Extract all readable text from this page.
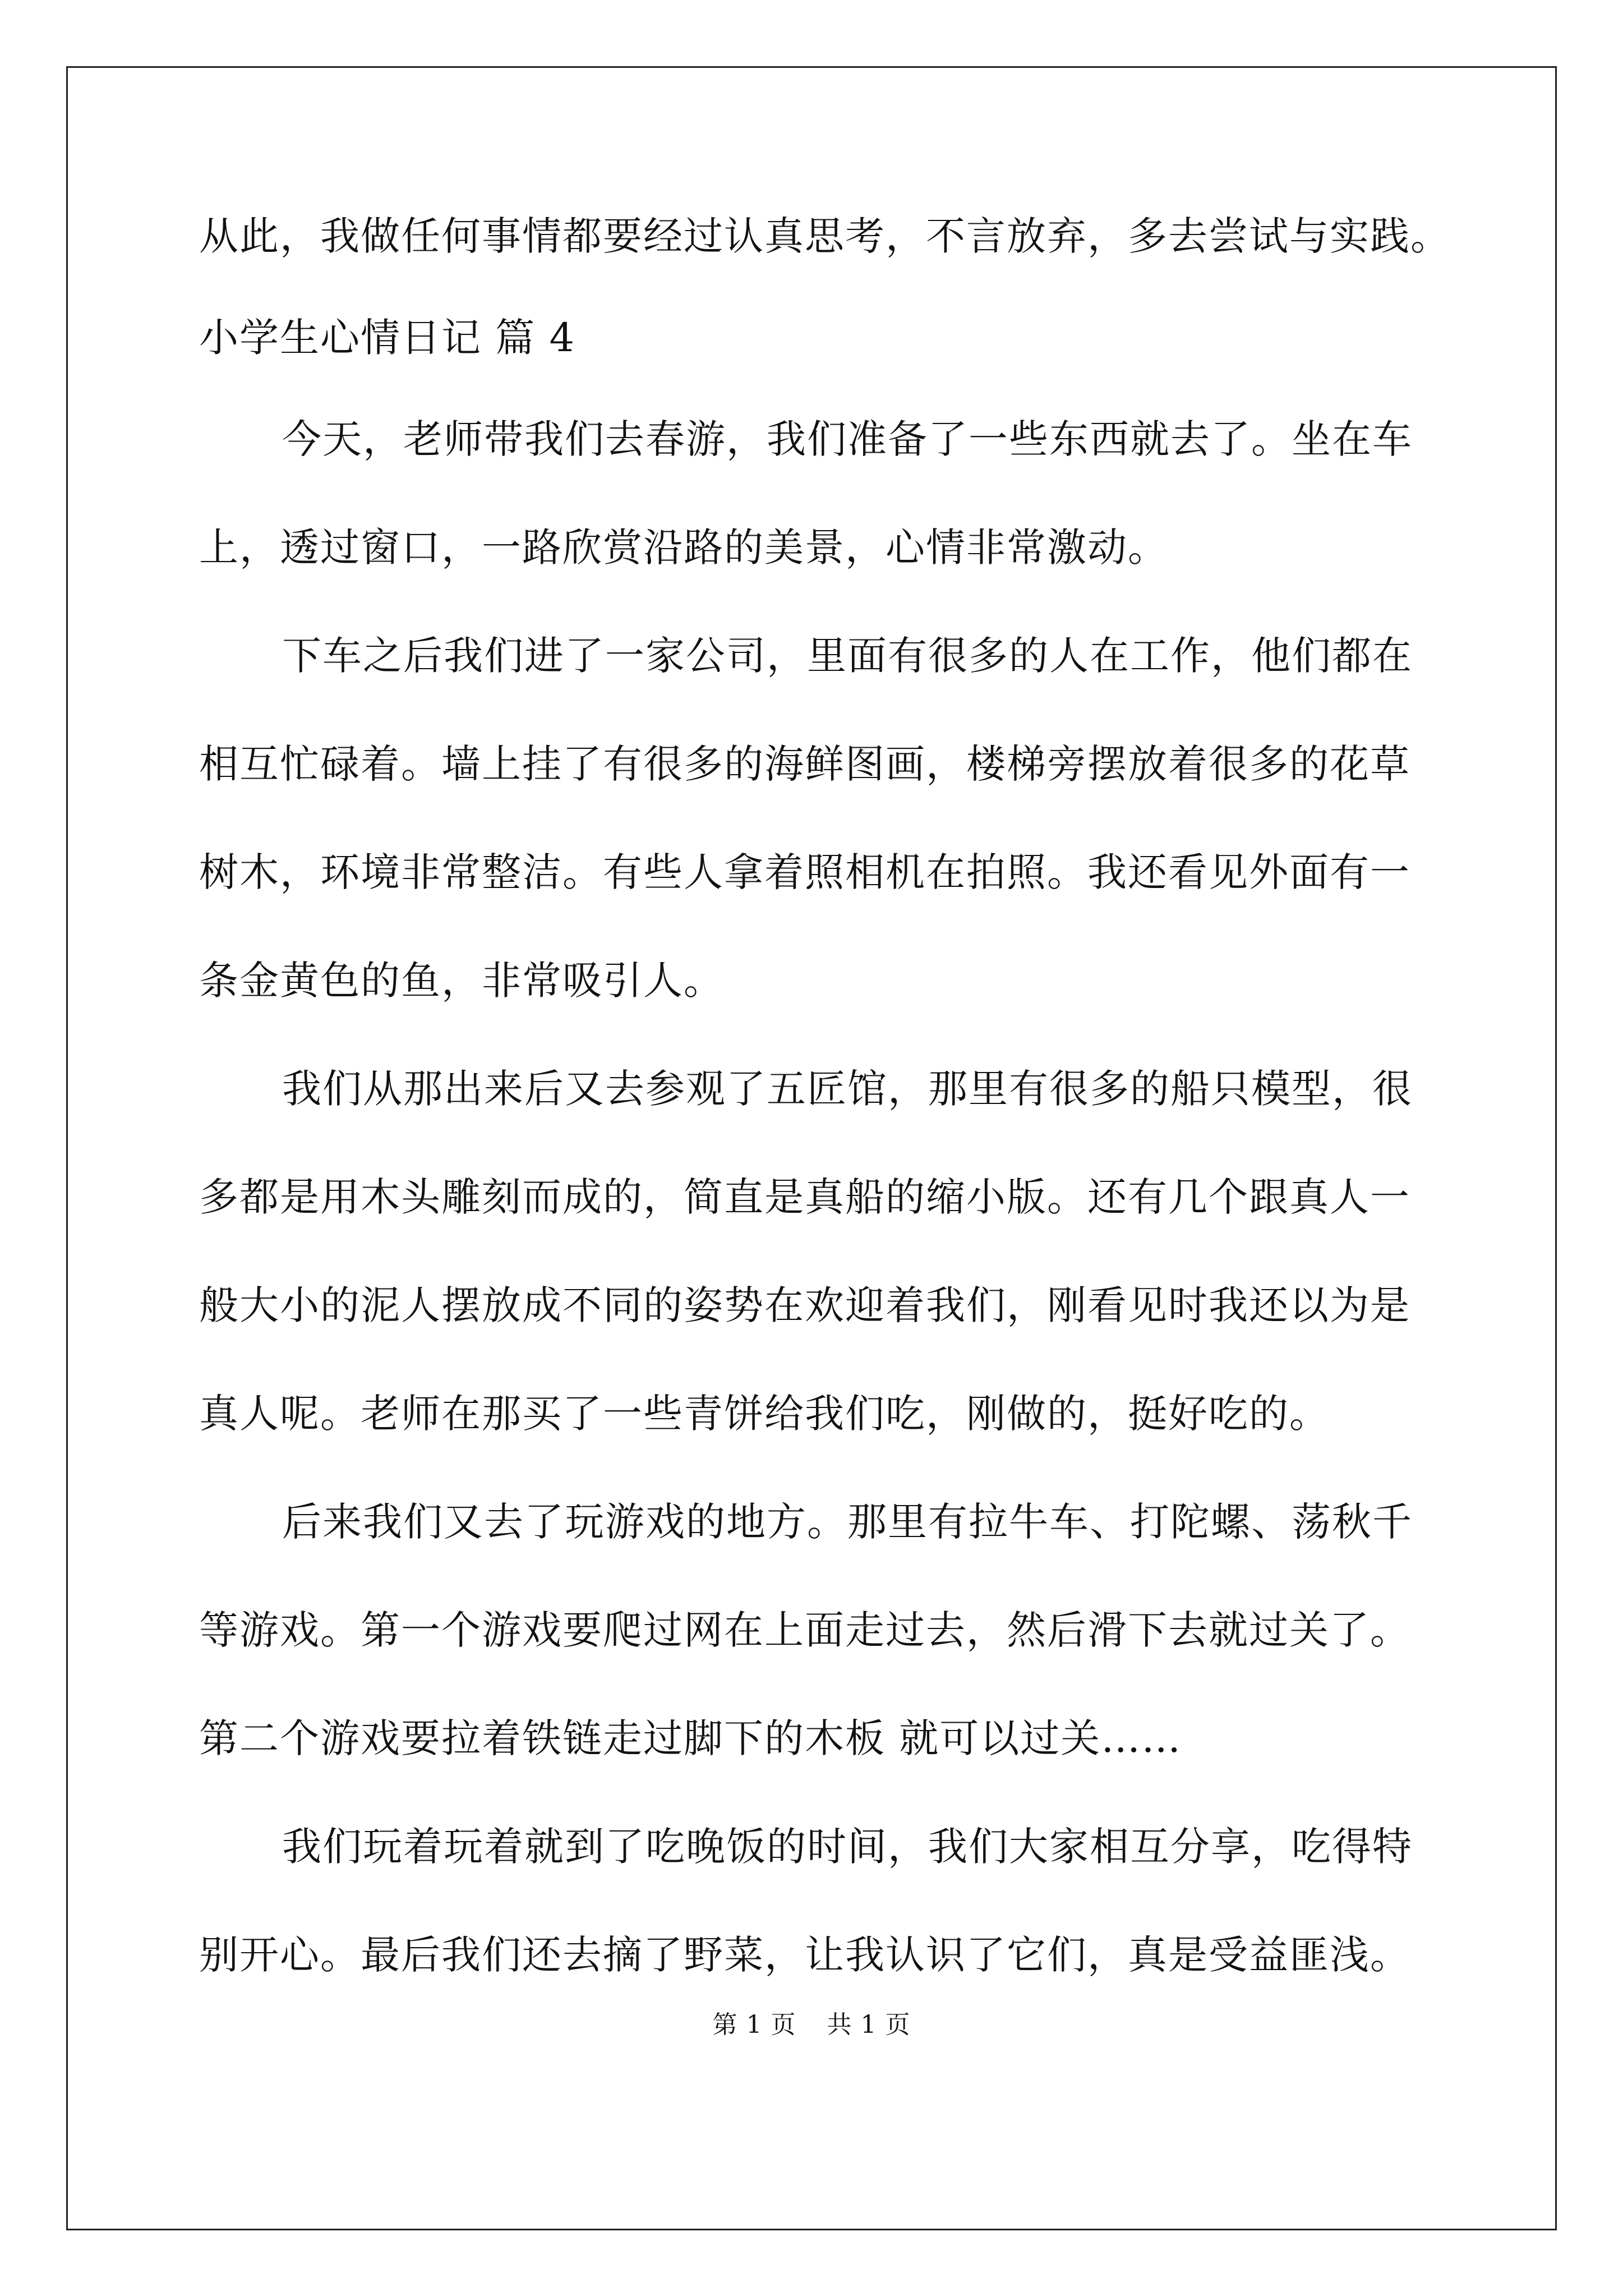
从此，我做任何事情都要经过认真思考，不言放弃，多去尝试与实践。
小学生心情日记 篇 4
今天，老师带我们去春游，我们准备了一些东西就去了。坐在车
上，透过窗口，一路欣赏沿路的美景，心情非常激动。
下车之后我们进了一家公司，里面有很多的人在工作，他们都在
相互忙碌着。墙上挂了有很多的海鲜图画，楼梯旁摆放着很多的花草
树木，环境非常整洁。有些人拿着照相机在拍照。我还看见外面有一
条金黄色的鱼，非常吸引人。
我们从那出来后又去参观了五匠馆，那里有很多的船只模型，很
多都是用木头雕刻而成的，简直是真船的缩小版。还有几个跟真人一
般大小的泥人摆放成不同的姿势在欢迎着我们，刚看见时我还以为是
真人呢。老师在那买了一些青饼给我们吃，刚做的，挺好吃的。
后来我们又去了玩游戏的地方。那里有拉牛车、打陀螺、荡秋千
等游戏。第一个游戏要爬过网在上面走过去，然后滑下去就过关了。
第二个游戏要拉着铁链走过脚下的木板 就可以过关……
我们玩着玩着就到了吃晚饭的时间，我们大家相互分享，吃得特
别开心。最后我们还去摘了野菜，让我认识了它们，真是受益匪浅。
第 1 页 共 1 页
